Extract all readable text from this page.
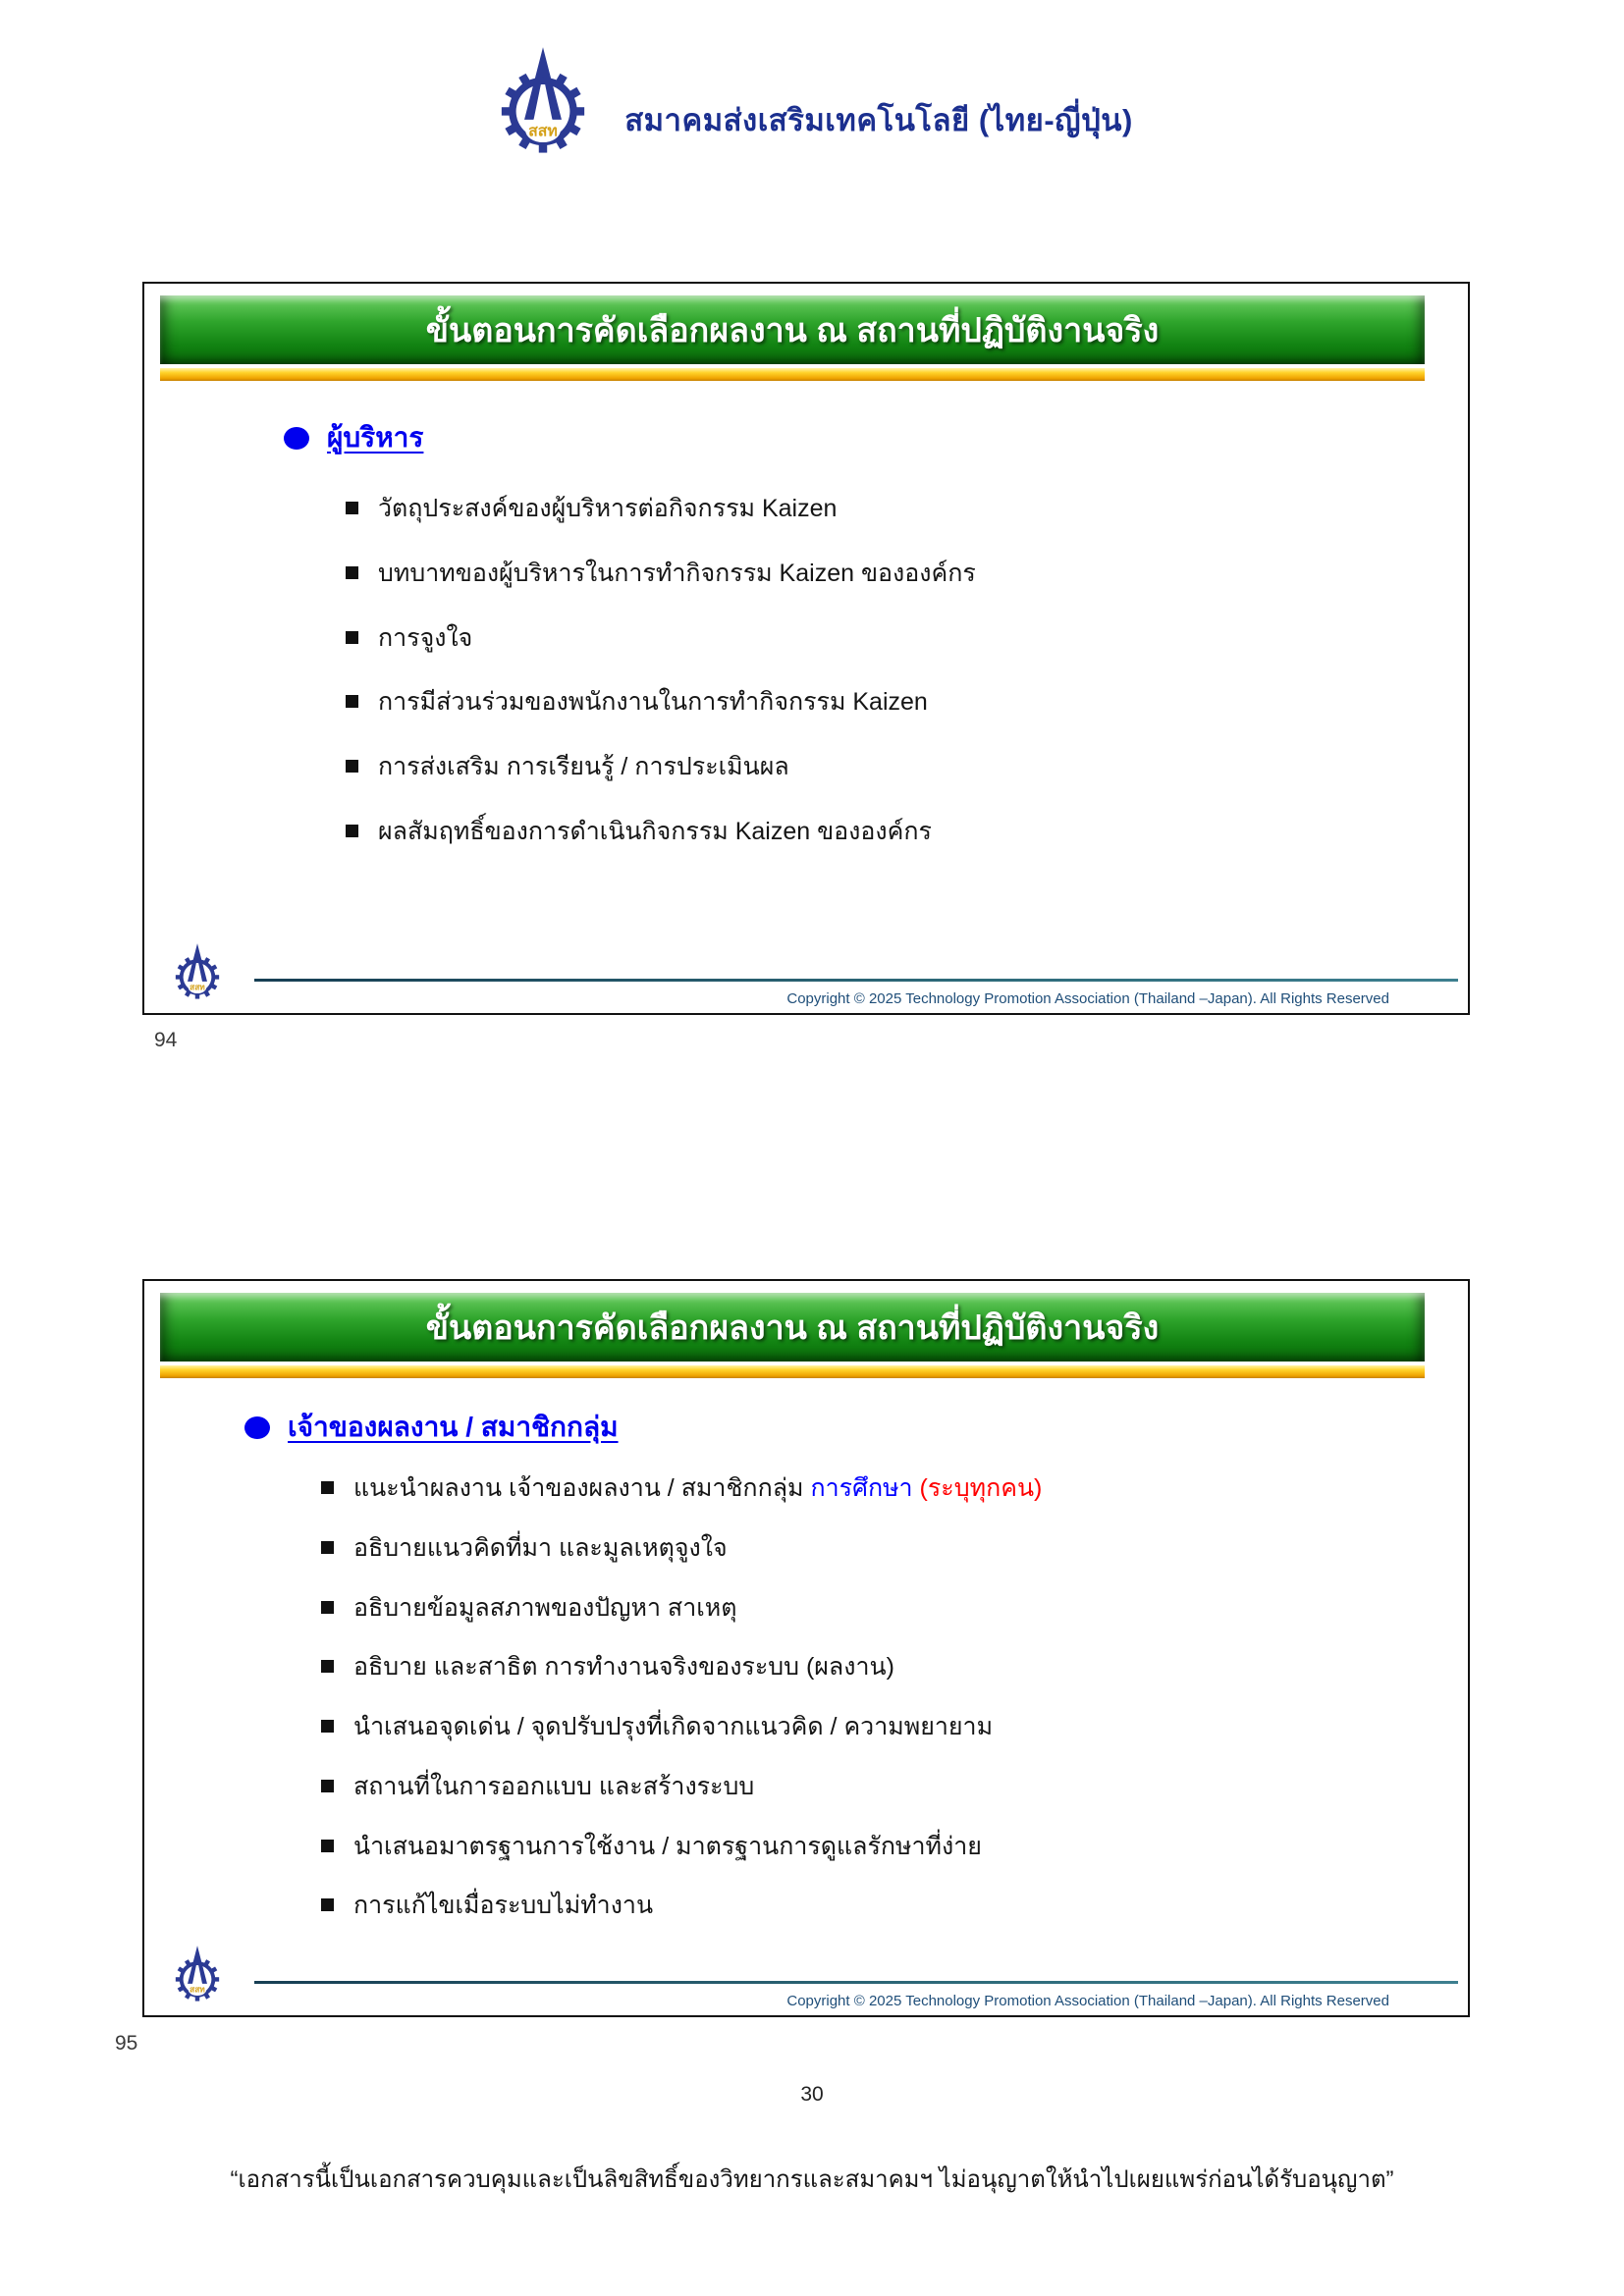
สมาคมส่งเสริมเทคโนโลยี (ไทย-ญี่ปุ่น)
ขั้นตอนการคัดเลือกผลงาน ณ สถานที่ปฏิบัติงานจริง
ผู้บริหาร
วัตถุประสงค์ของผู้บริหารต่อกิจกรรม Kaizen
บทบาทของผู้บริหารในการทำกิจกรรม Kaizen ขององค์กร
การจูงใจ
การมีส่วนร่วมของพนักงานในการทำกิจกรรม Kaizen
การส่งเสริม การเรียนรู้ / การประเมินผล
ผลสัมฤทธิ์ของการดำเนินกิจกรรม Kaizen ขององค์กร
Copyright © 2025 Technology Promotion Association (Thailand –Japan). All Rights Reserved
94
ขั้นตอนการคัดเลือกผลงาน ณ สถานที่ปฏิบัติงานจริง
เจ้าของผลงาน / สมาชิกกลุ่ม
แนะนำผลงาน เจ้าของผลงาน / สมาชิกกลุ่ม การศึกษา (ระบุทุกคน)
อธิบายแนวคิดที่มา และมูลเหตุจูงใจ
อธิบายข้อมูลสภาพของปัญหา สาเหตุ
อธิบาย และสาธิต การทำงานจริงของระบบ (ผลงาน)
นำเสนอจุดเด่น / จุดปรับปรุงที่เกิดจากแนวคิด / ความพยายาม
สถานที่ในการออกแบบ และสร้างระบบ
นำเสนอมาตรฐานการใช้งาน / มาตรฐานการดูแลรักษาที่ง่าย
การแก้ไขเมื่อระบบไม่ทำงาน
Copyright © 2025 Technology Promotion Association (Thailand –Japan). All Rights Reserved
95
30
“เอกสารนี้เป็นเอกสารควบคุมและเป็นลิขสิทธิ์ของวิทยากรและสมาคมฯ ไม่อนุญาตให้นำไปเผยแพร่ก่อนได้รับอนุญาต”
